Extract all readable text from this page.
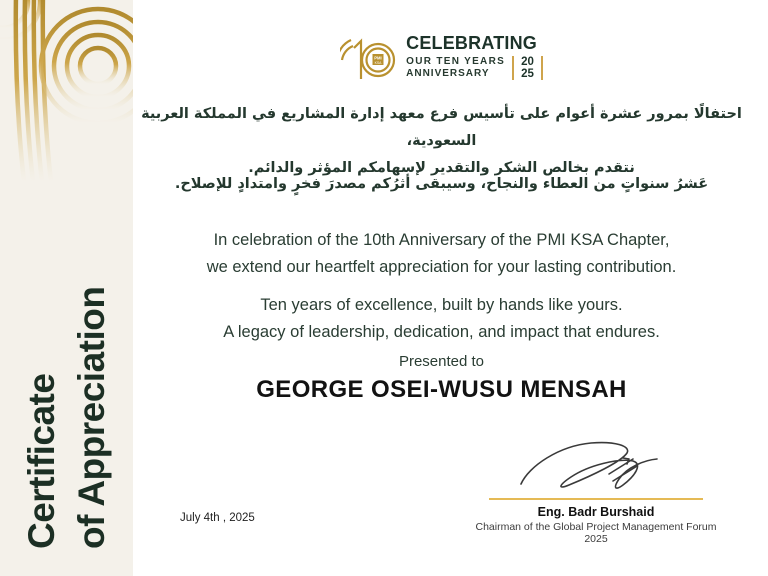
Certificate of Appreciation
PMI
KSA
CELEBRATING
OUR TEN YEARS
ANNIVERSARY
20
25
احتفالًا بمرور عشرة أعوام على تأسيس فرع معهد إدارة المشاريع في المملكة العربية السعودية،
نتقدم بخالص الشكر والتقدير لإسهامكم المؤثر والدائم.
عَشرُ سنواتٍ من العطاء والنجاح، وسيبقى أثرُكم مصدرَ فخرٍ وامتدادٍ للإصلاح.
In celebration of the 10th Anniversary of the PMI KSA Chapter,
we extend our heartfelt appreciation for your lasting contribution.
Ten years of excellence, built by hands like yours.
A legacy of leadership, dedication, and impact that endures.
Presented to
GEORGE OSEI-WUSU MENSAH
Eng. Badr Burshaid
Chairman of the Global Project Management Forum 2025
July 4th , 2025
